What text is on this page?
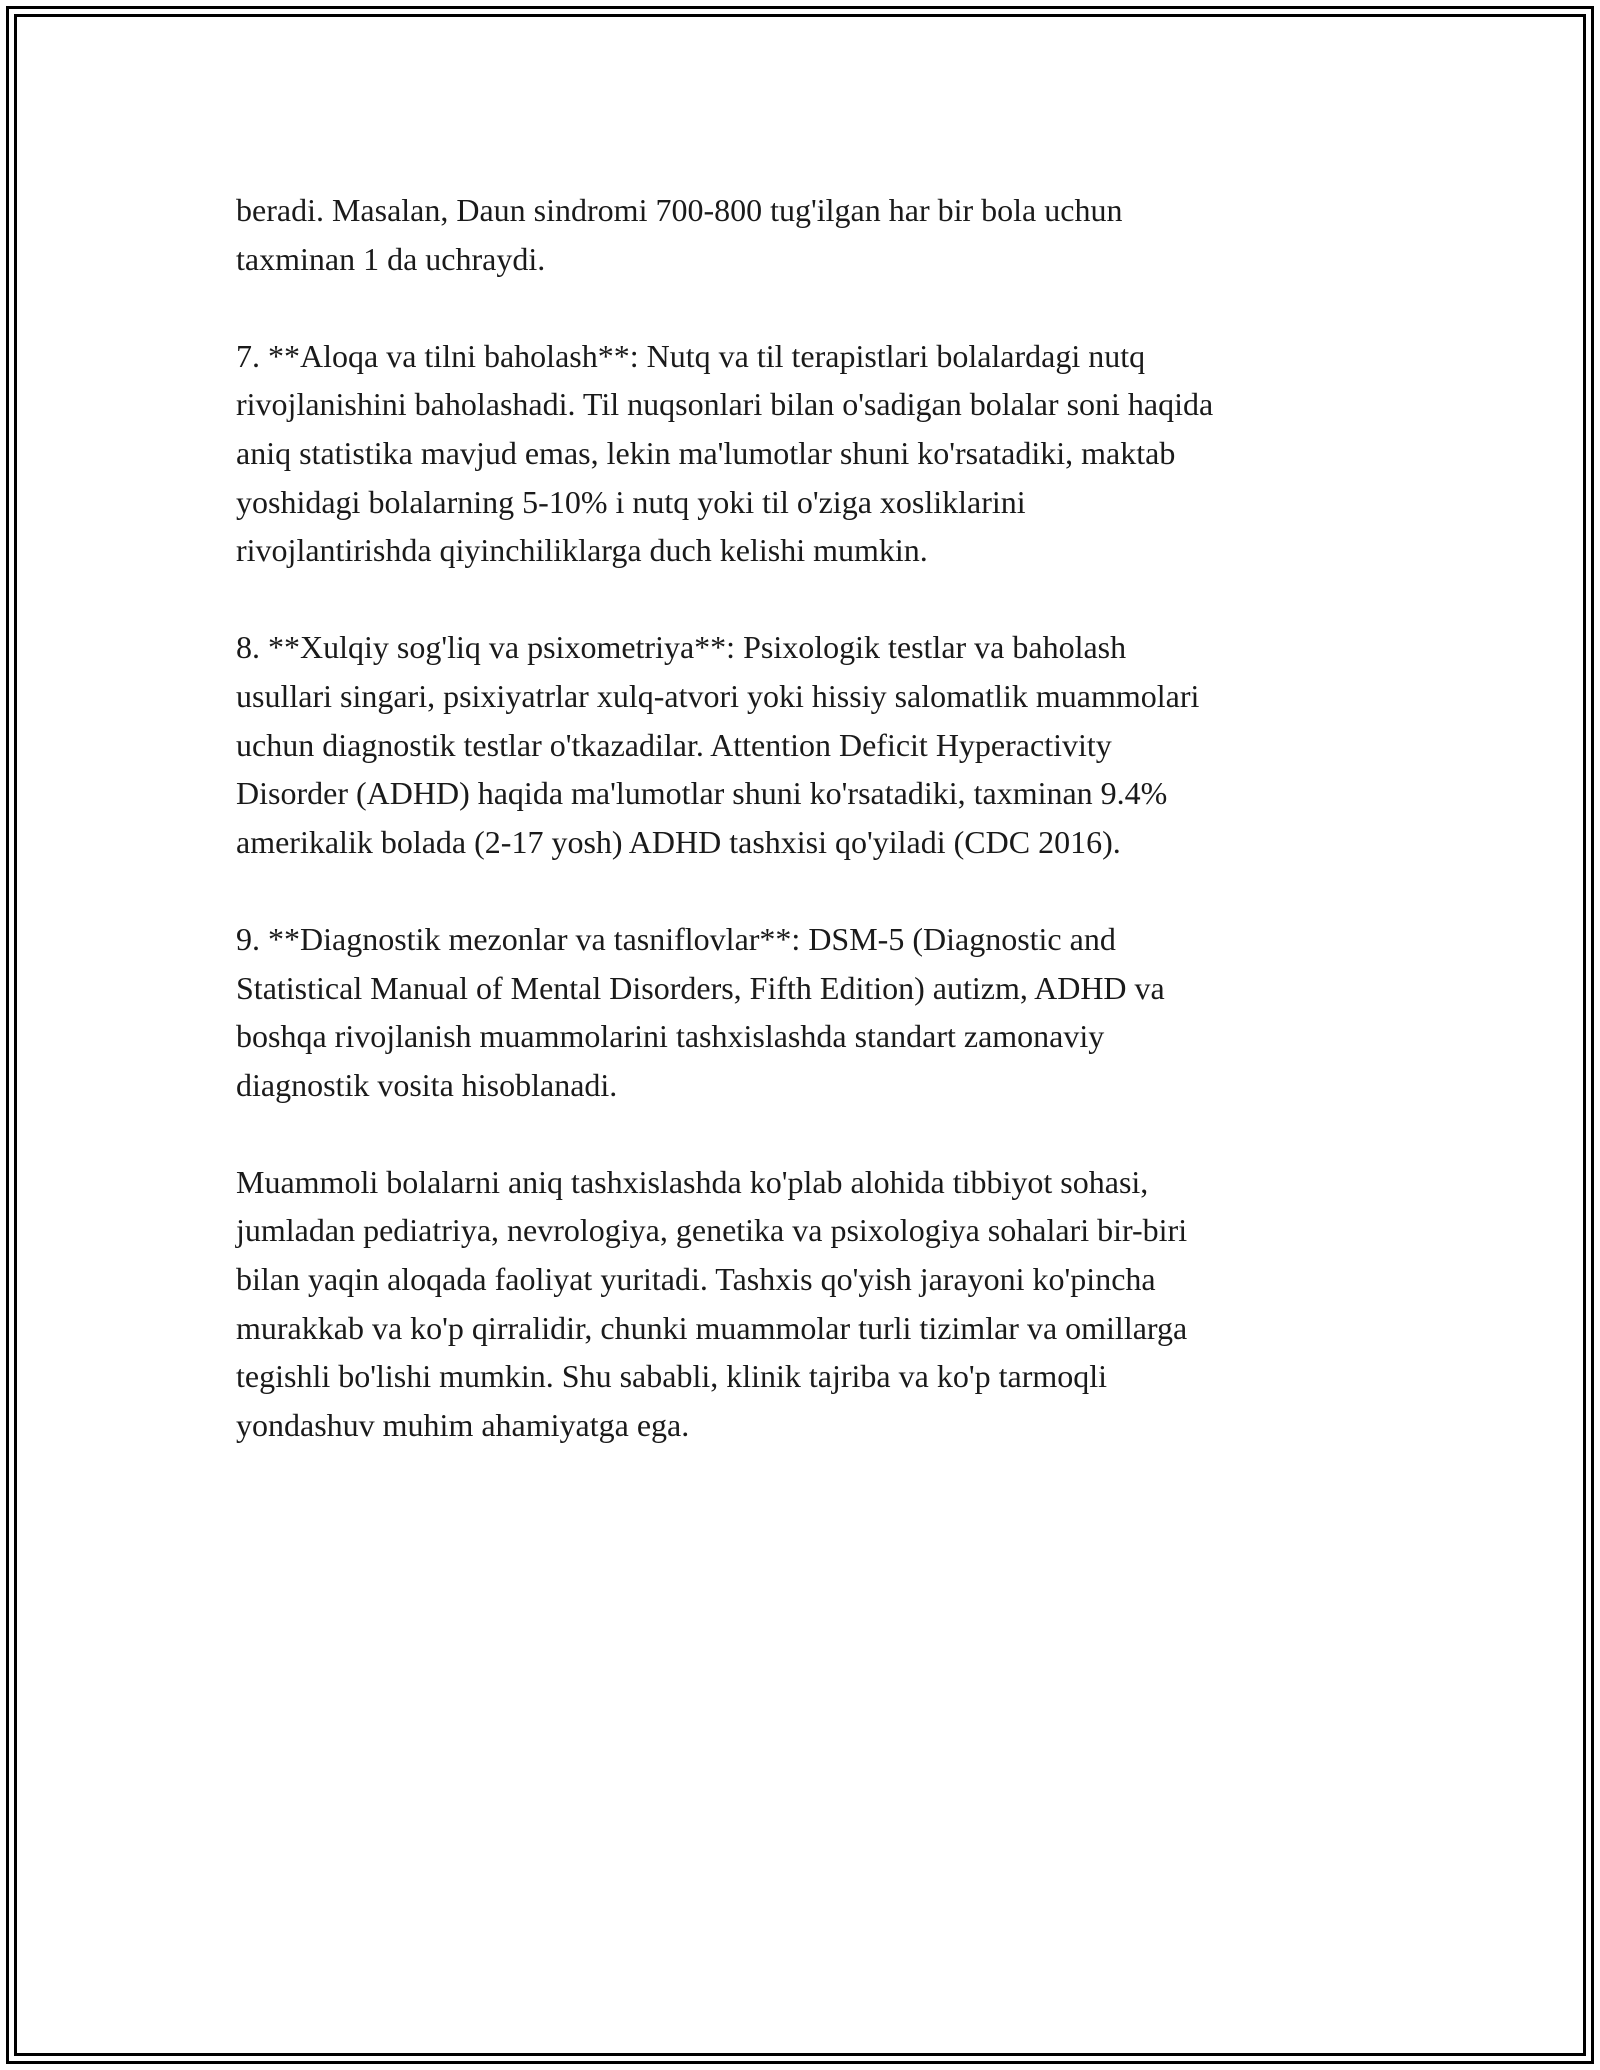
beradi. Masalan, Daun sindromi 700-800 tug'ilgan har bir bola uchun
taxminan 1 da uchraydi.

7. **Aloqa va tilni baholash**: Nutq va til terapistlari bolalardagi nutq
rivojlanishini baholashadi. Til nuqsonlari bilan o'sadigan bolalar soni haqida
aniq statistika mavjud emas, lekin ma'lumotlar shuni ko'rsatadiki, maktab
yoshidagi bolalarning 5-10% i nutq yoki til o'ziga xosliklarini
rivojlantirishda qiyinchiliklarga duch kelishi mumkin.

8. **Xulqiy sog'liq va psixometriya**: Psixologik testlar va baholash
usullari singari, psixiyatrlar xulq-atvori yoki hissiy salomatlik muammolari
uchun diagnostik testlar o'tkazadilar. Attention Deficit Hyperactivity
Disorder (ADHD) haqida ma'lumotlar shuni ko'rsatadiki, taxminan 9.4%
amerikalik bolada (2-17 yosh) ADHD tashxisi qo'yiladi (CDC 2016).

9. **Diagnostik mezonlar va tasniflovlar**: DSM-5 (Diagnostic and
Statistical Manual of Mental Disorders, Fifth Edition) autizm, ADHD va
boshqa rivojlanish muammolarini tashxislashda standart zamonaviy
diagnostik vosita hisoblanadi.

Muammoli bolalarni aniq tashxislashda ko'plab alohida tibbiyot sohasi,
jumladan pediatriya, nevrologiya, genetika va psixologiya sohalari bir-biri
bilan yaqin aloqada faoliyat yuritadi. Tashxis qo'yish jarayoni ko'pincha
murakkab va ko'p qirralidir, chunki muammolar turli tizimlar va omillarga
tegishli bo'lishi mumkin. Shu sababli, klinik tajriba va ko'p tarmoqli
yondashuv muhim ahamiyatga ega.
